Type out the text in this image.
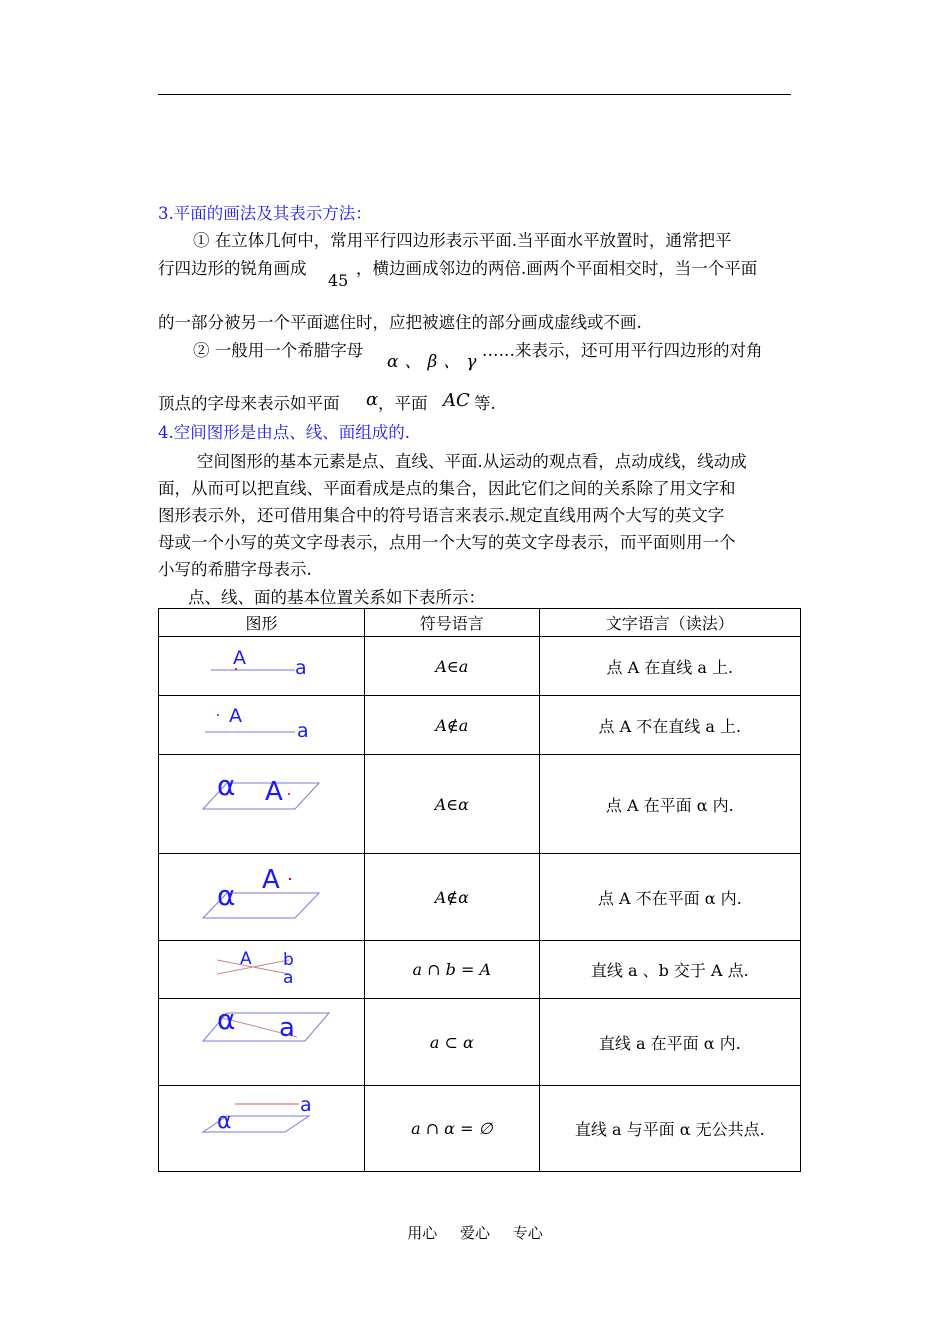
3.平面的画法及其表示方法：
① 在立体几何中，常用平行四边形表示平面.当平面水平放置时，通常把平
行四边形的锐角画成
45
，横边画成邻边的两倍.画两个平面相交时，当一个平面
的一部分被另一个平面遮住时，应把被遮住的部分画成虚线或不画.
② 一般用一个希腊字母
α、β、γ
……来表示，还可用平行四边形的对角
顶点的字母来表示如平面 α ，平面 AC 等.
4.空间图形是由点、线、面组成的.
空间图形的基本元素是点、直线、平面.从运动的观点看，点动成线，线动成
面，从而可以把直线、平面看成是点的集合，因此它们之间的关系除了用文字和
图形表示外，还可借用集合中的符号语言来表示.规定直线用两个大写的英文字
母或一个小写的英文字母表示，点用一个大写的英文字母表示，而平面则用一个
小写的希腊字母表示.
点、线、面的基本位置关系如下表所示：
图形	符号语言	文字语言（读法）

A a	A∈a	点 A 在直线 a 上.

A
a	A∉a	点 A 不在直线 a 上.

α A	A∈α	点 A 在平面 α 内.

α A	A∉α	点 A 不在平面 α 内.

A b
a	a ∩ b = A	直线 a 、b 交于 A 点.

α a	a ⊂ α	直线 a 在平面 α 内.

α
a	a ∩ α = ∅	直线 a 与平面 α 无公共点.
用心 爱心 专心
